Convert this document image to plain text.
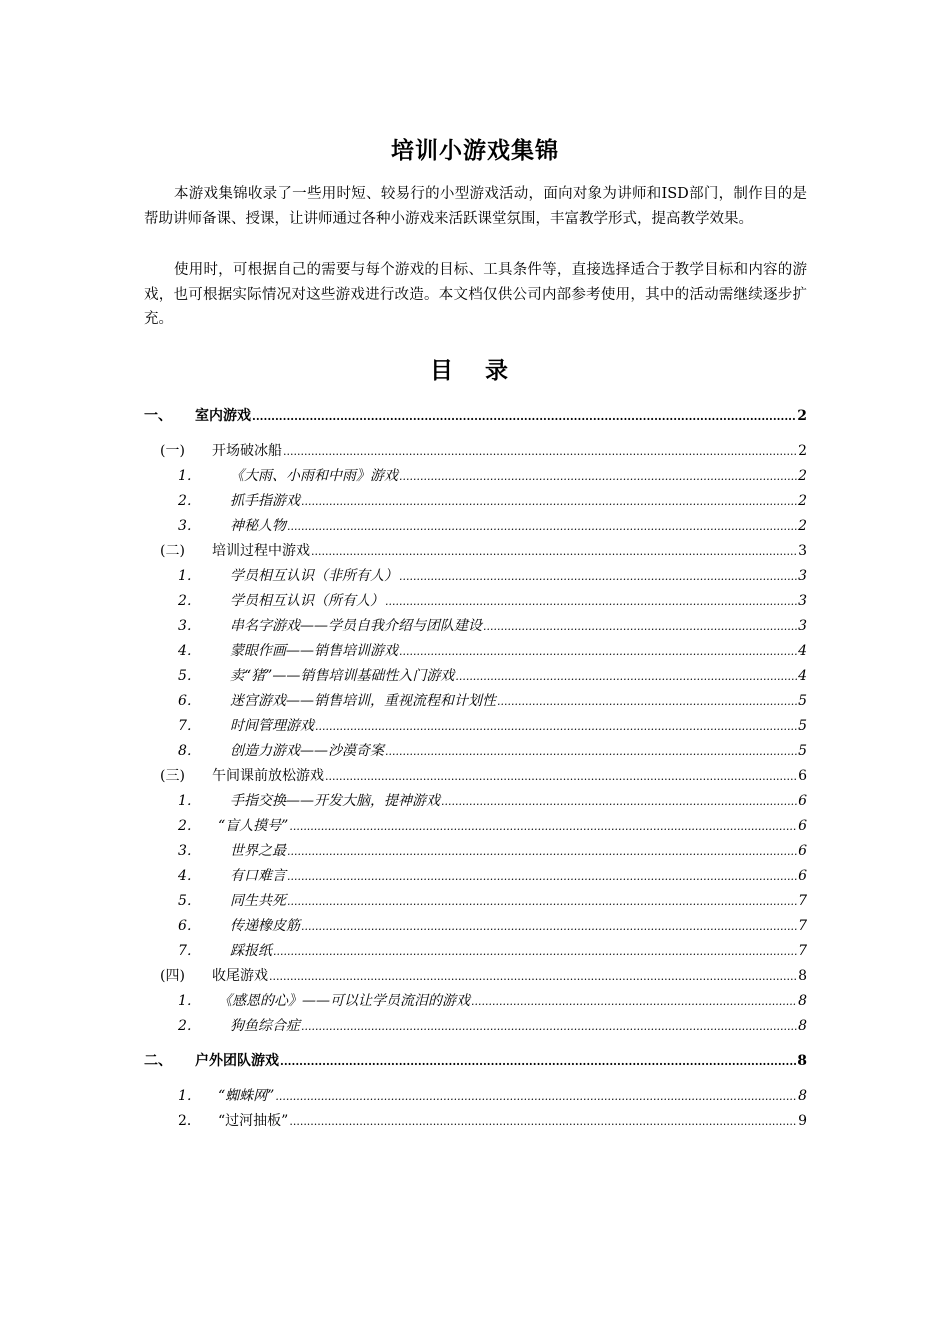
培训小游戏集锦

本游戏集锦收录了一些用时短、较易行的小型游戏活动，面向对象为讲师和ISD部门，制作目的是帮助讲师备课、授课，让讲师通过各种小游戏来活跃课堂氛围，丰富教学形式，提高教学效果。

使用时，可根据自己的需要与每个游戏的目标、工具条件等，直接选择适合于教学目标和内容的游戏，也可根据实际情况对这些游戏进行改造。本文档仅供公司内部参考使用，其中的活动需继续逐步扩充。

目 录
一、	室内游戏 .....	2
(一)	开场破冰船 .....	2
1．	《大雨、小雨和中雨》游戏 .....	2
2．	抓手指游戏 .....	2
3．	神秘人物 .....	2
(二)	培训过程中游戏 .....	3
1．	学员相互认识（非所有人） .....	3
2．	学员相互认识（所有人） .....	3
3．	串名字游戏——学员自我介绍与团队建设 .....	3
4．	蒙眼作画——销售培训游戏 .....	4
5．	卖“猪”——销售培训基础性入门游戏 .....	4
6．	迷宫游戏——销售培训，重视流程和计划性 .....	5
7．	时间管理游戏 .....	5
8．	创造力游戏——沙漠奇案 .....	5
(三)	午间课前放松游戏 .....	6
1．	手指交换——开发大脑，提神游戏 .....	6
2．	“盲人摸号” .....	6
3．	世界之最 .....	6
4．	有口难言 .....	6
5．	同生共死 .....	7
6．	传递橡皮筋 .....	7
7．	踩报纸 .....	7
(四)	收尾游戏 .....	8
1．	《感恩的心》——可以让学员流泪的游戏 .....	8
2．	狗鱼综合症 .....	8
二、	户外团队游戏 .....	8
1．	“蜘蛛网” .....	8
2．	“过河抽板” .....	9
